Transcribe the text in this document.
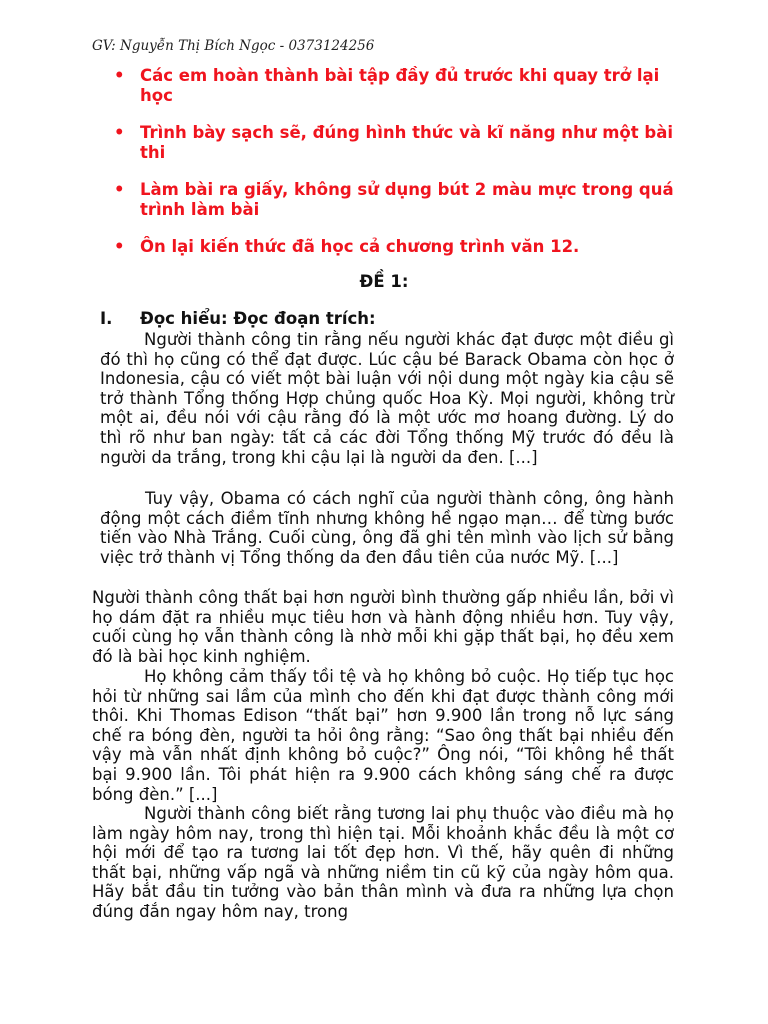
GV: Nguyễn Thị Bích Ngọc - 0373124256
• Các em hoàn thành bài tập đầy đủ trước khi quay trở lại học
• Trình bày sạch sẽ, đúng hình thức và kĩ năng như một bài thi
• Làm bài ra giấy, không sử dụng bút 2 màu mực trong quá trình làm bài
• Ôn lại kiến thức đã học cả chương trình văn 12.
ĐỀ 1:
I. Đọc hiểu: Đọc đoạn trích:

Người thành công tin rằng nếu người khác đạt được một điều gì đó thì họ cũng có thể đạt được. Lúc cậu bé Barack Obama còn học ở Indonesia, cậu có viết một bài luận với nội dung một ngày kia cậu sẽ trở thành Tổng thống Hợp chủng quốc Hoa Kỳ. Mọi người, không trừ một ai, đều nói với cậu rằng đó là một ước mơ hoang đường. Lý do thì rõ như ban ngày: tất cả các đời Tổng thống Mỹ trước đó đều là người da trắng, trong khi cậu lại là người da đen. [...]

Tuy vậy, Obama có cách nghĩ của người thành công, ông hành động một cách điềm tĩnh nhưng không hề ngạo mạn… để từng bước tiến vào Nhà Trắng. Cuối cùng, ông đã ghi tên mình vào lịch sử bằng việc trở thành vị Tổng thống da đen đầu tiên của nước Mỹ. [...]

Người thành công thất bại hơn người bình thường gấp nhiều lần, bởi vì họ dám đặt ra nhiều mục tiêu hơn và hành động nhiều hơn. Tuy vậy, cuối cùng họ vẫn thành công là nhờ mỗi khi gặp thất bại, họ đều xem đó là bài học kinh nghiệm.

Họ không cảm thấy tồi tệ và họ không bỏ cuộc. Họ tiếp tục học hỏi từ những sai lầm của mình cho đến khi đạt được thành công mới thôi. Khi Thomas Edison “thất bại” hơn 9.900 lần trong nỗ lực sáng chế ra bóng đèn, người ta hỏi ông rằng: “Sao ông thất bại nhiều đến vậy mà vẫn nhất định không bỏ cuộc?” Ông nói, “Tôi không hề thất bại 9.900 lần. Tôi phát hiện ra 9.900 cách không sáng chế ra được bóng đèn.” [...]

Người thành công biết rằng tương lai phụ thuộc vào điều mà họ làm ngày hôm nay, trong thì hiện tại. Mỗi khoảnh khắc đều là một cơ hội mới để tạo ra tương lai tốt đẹp hơn. Vì thế, hãy quên đi những thất bại, những vấp ngã và những niềm tin cũ kỹ của ngày hôm qua. Hãy bắt đầu tin tưởng vào bản thân mình và đưa ra những lựa chọn đúng đắn ngay hôm nay, trong
